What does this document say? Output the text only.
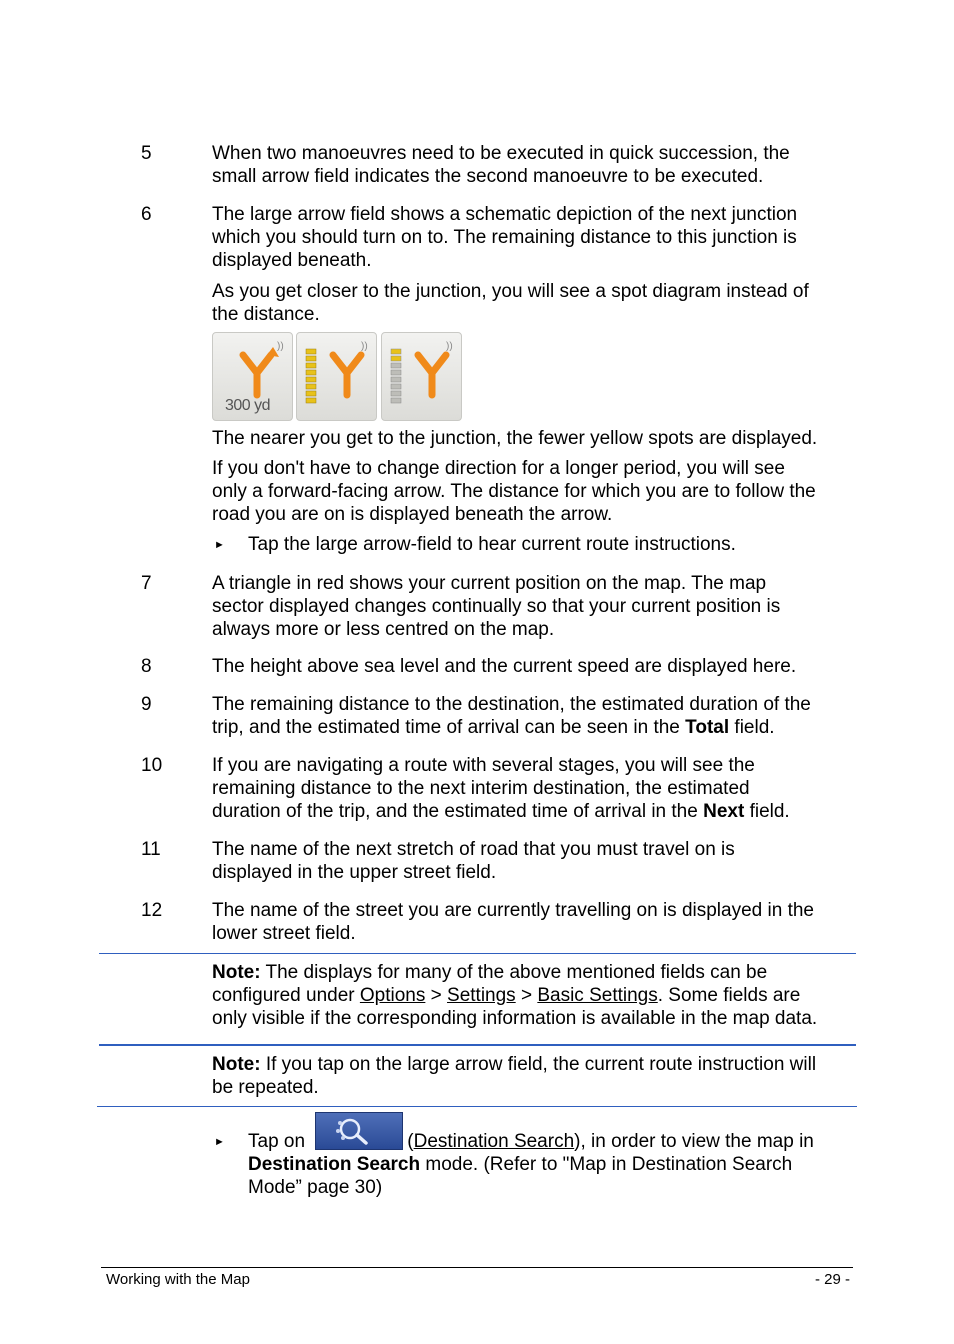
5	When two manoeuvres need to be executed in quick succession, the
small arrow field indicates the second manoeuvre to be executed.
6	The large arrow field shows a schematic depiction of the next junction
which you should turn on to. The remaining distance to this junction is
displayed beneath.
As you get closer to the junction, you will see a spot diagram instead of
the distance.
))
300 yd
))	))
The nearer you get to the junction, the fewer yellow spots are displayed.
If you don't have to change direction for a longer period, you will see
only a forward-facing arrow. The distance for which you are to follow the
road you are on is displayed beneath the arrow.
► Tap the large arrow-field to hear current route instructions.
7	A triangle in red shows your current position on the map. The map
sector displayed changes continually so that your current position is
always more or less centred on the map.
8	The height above sea level and the current speed are displayed here.
9	The remaining distance to the destination, the estimated duration of the
trip, and the estimated time of arrival can be seen in the Total field.
10	If you are navigating a route with several stages, you will see the
remaining distance to the next interim destination, the estimated
duration of the trip, and the estimated time of arrival in the Next field.
11	The name of the next stretch of road that you must travel on is
displayed in the upper street field.
12	The name of the street you are currently travelling on is displayed in the
lower street field.
Note: The displays for many of the above mentioned fields can be
configured under Options > Settings > Basic Settings. Some fields are
only visible if the corresponding information is available in the map data.
Note: If you tap on the large arrow field, the current route instruction will
be repeated.
► Tap on	(Destination Search), in order to view the map in
Destination Search mode. (Refer to "Map in Destination Search
Mode” page 30)
Working with the Map	- 29 -
